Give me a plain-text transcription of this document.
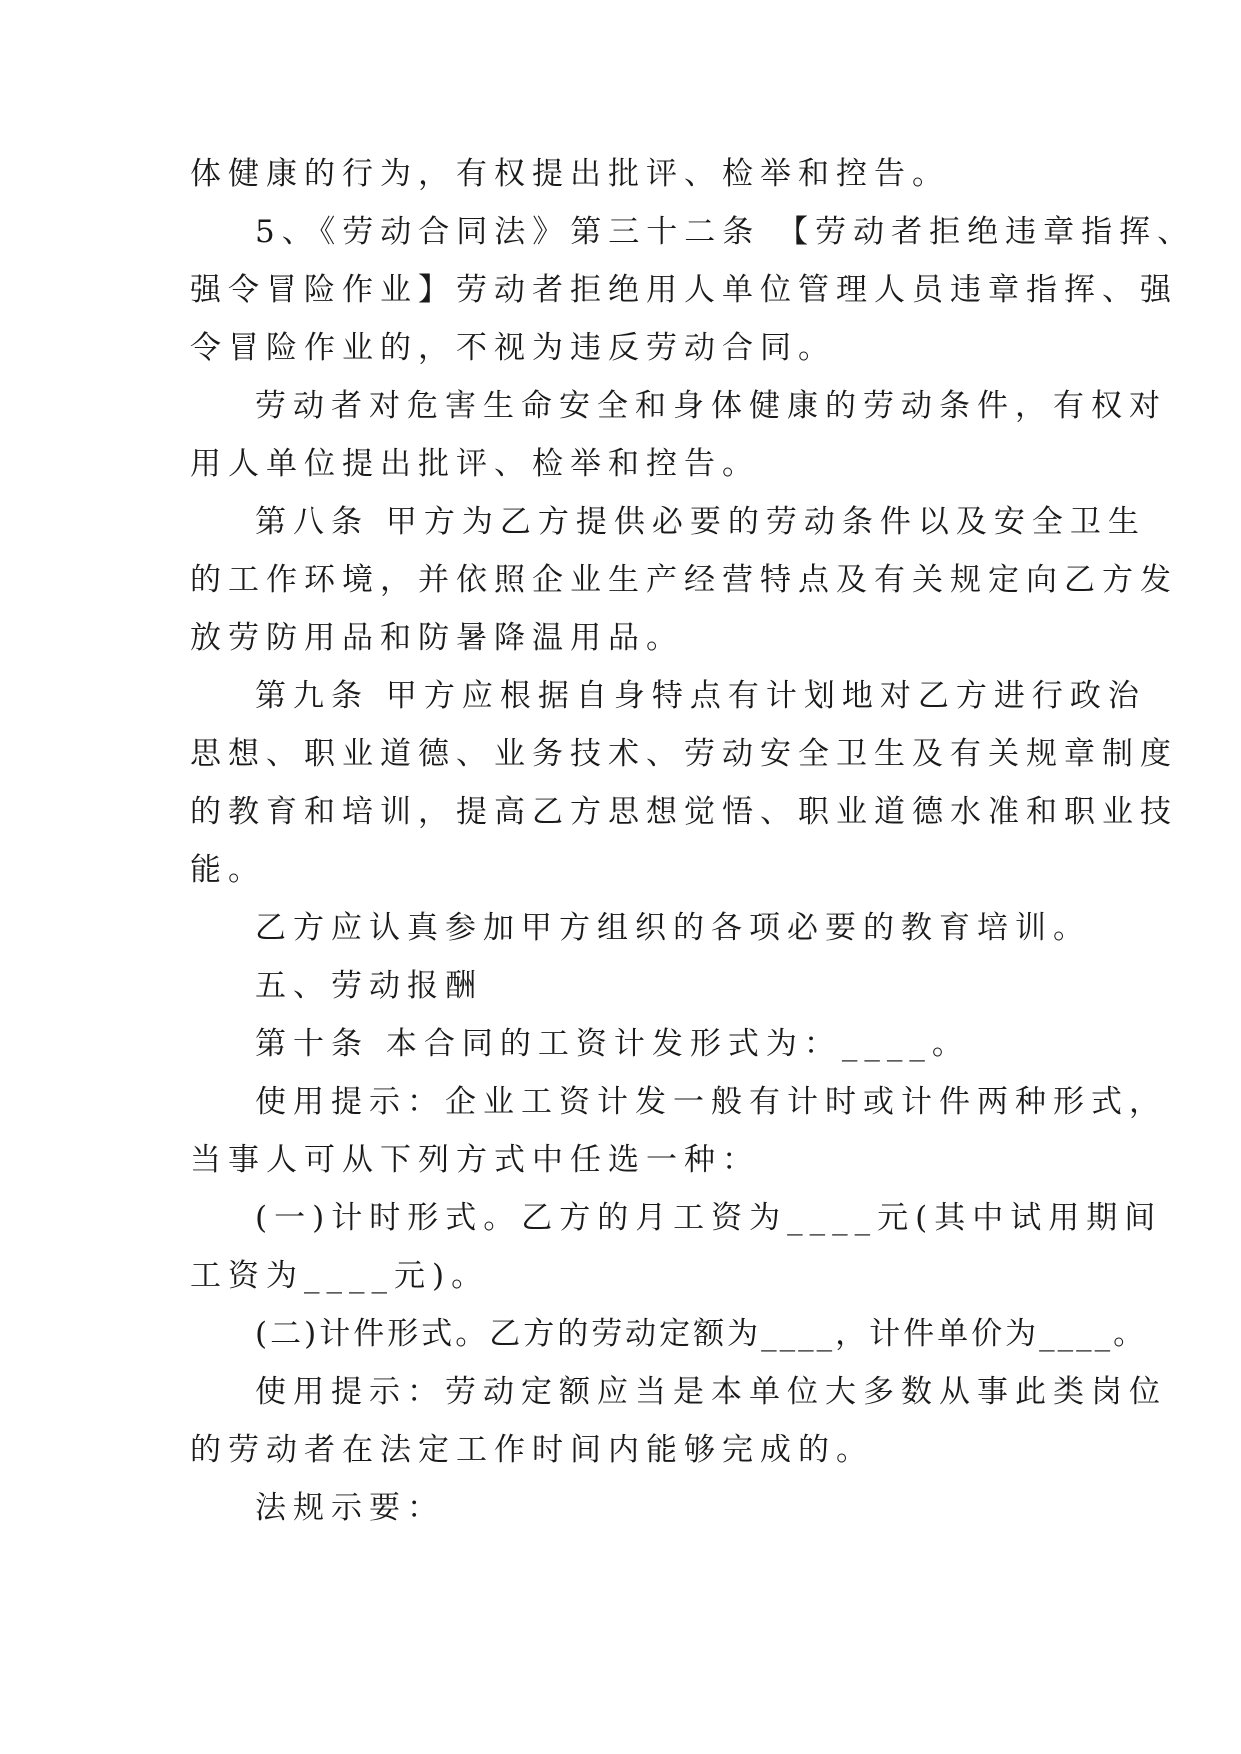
体健康的行为，有权提出批评、检举和控告。

5、《劳动合同法》第三十二条 【劳动者拒绝违章指挥、

强令冒险作业】劳动者拒绝用人单位管理人员违章指挥、强

令冒险作业的，不视为违反劳动合同。

劳动者对危害生命安全和身体健康的劳动条件，有权对

用人单位提出批评、检举和控告。

第八条 甲方为乙方提供必要的劳动条件以及安全卫生

的工作环境，并依照企业生产经营特点及有关规定向乙方发

放劳防用品和防暑降温用品。

第九条 甲方应根据自身特点有计划地对乙方进行政治

思想、职业道德、业务技术、劳动安全卫生及有关规章制度

的教育和培训，提高乙方思想觉悟、职业道德水准和职业技

能。

乙方应认真参加甲方组织的各项必要的教育培训。

五、劳动报酬

第十条 本合同的工资计发形式为：____。

使用提示：企业工资计发一般有计时或计件两种形式，

当事人可从下列方式中任选一种：

(一)计时形式。乙方的月工资为____元(其中试用期间

工资为____元)。

(二)计件形式。乙方的劳动定额为____，计件单价为____。

使用提示：劳动定额应当是本单位大多数从事此类岗位

的劳动者在法定工作时间内能够完成的。

法规示要：
